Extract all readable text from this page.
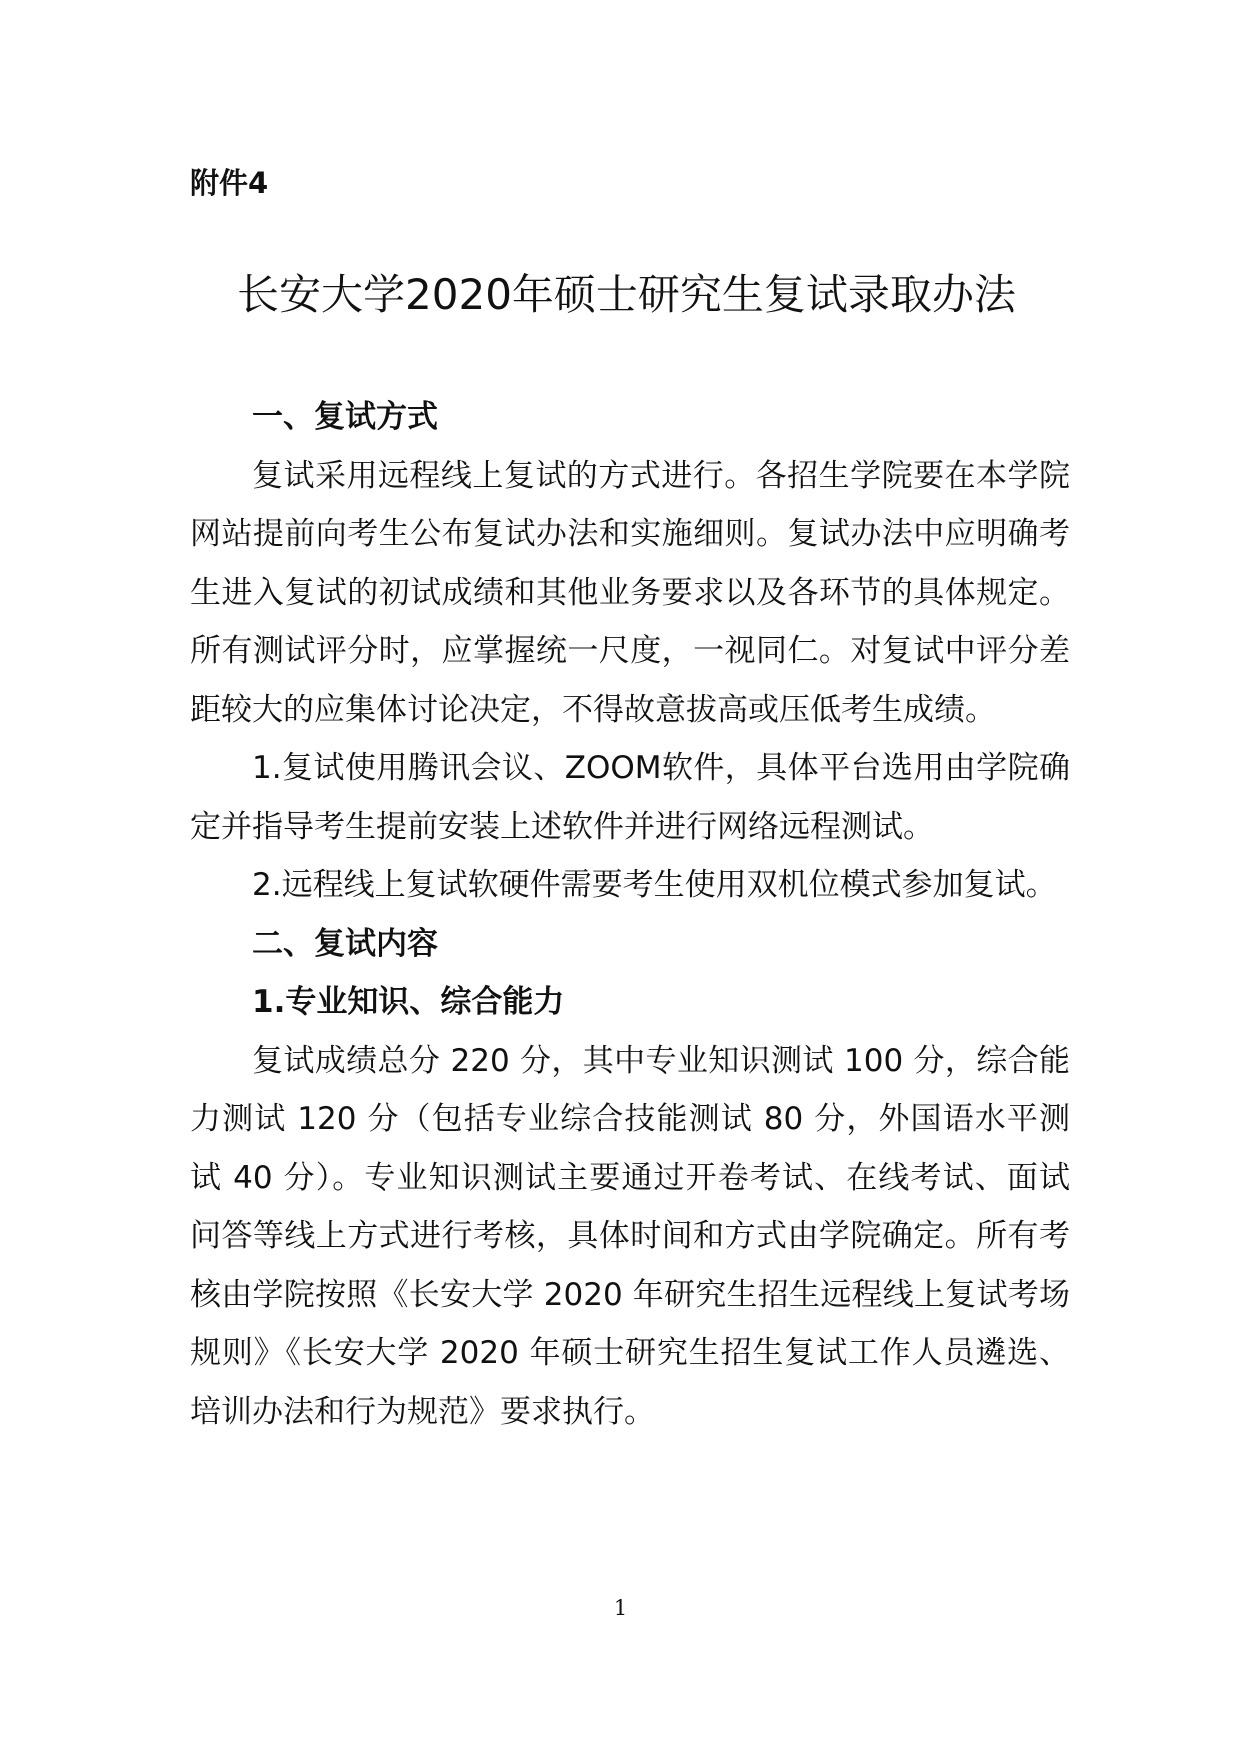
附件4

长安大学2020年硕士研究生复试录取办法

一、复试方式

复试采用远程线上复试的方式进行。各招生学院要在本学院网站提前向考生公布复试办法和实施细则。复试办法中应明确考生进入复试的初试成绩和其他业务要求以及各环节的具体规定。所有测试评分时，应掌握统一尺度，一视同仁。对复试中评分差距较大的应集体讨论决定，不得故意拔高或压低考生成绩。

1.复试使用腾讯会议、ZOOM软件，具体平台选用由学院确定并指导考生提前安装上述软件并进行网络远程测试。

2.远程线上复试软硬件需要考生使用双机位模式参加复试。

二、复试内容

1.专业知识、综合能力

复试成绩总分 220 分，其中专业知识测试 100 分，综合能力测试 120 分（包括专业综合技能测试 80 分，外国语水平测试 40 分）。专业知识测试主要通过开卷考试、在线考试、面试问答等线上方式进行考核，具体时间和方式由学院确定。所有考核由学院按照《长安大学 2020 年研究生招生远程线上复试考场规则》《长安大学 2020 年硕士研究生招生复试工作人员遴选、培训办法和行为规范》要求执行。

1
